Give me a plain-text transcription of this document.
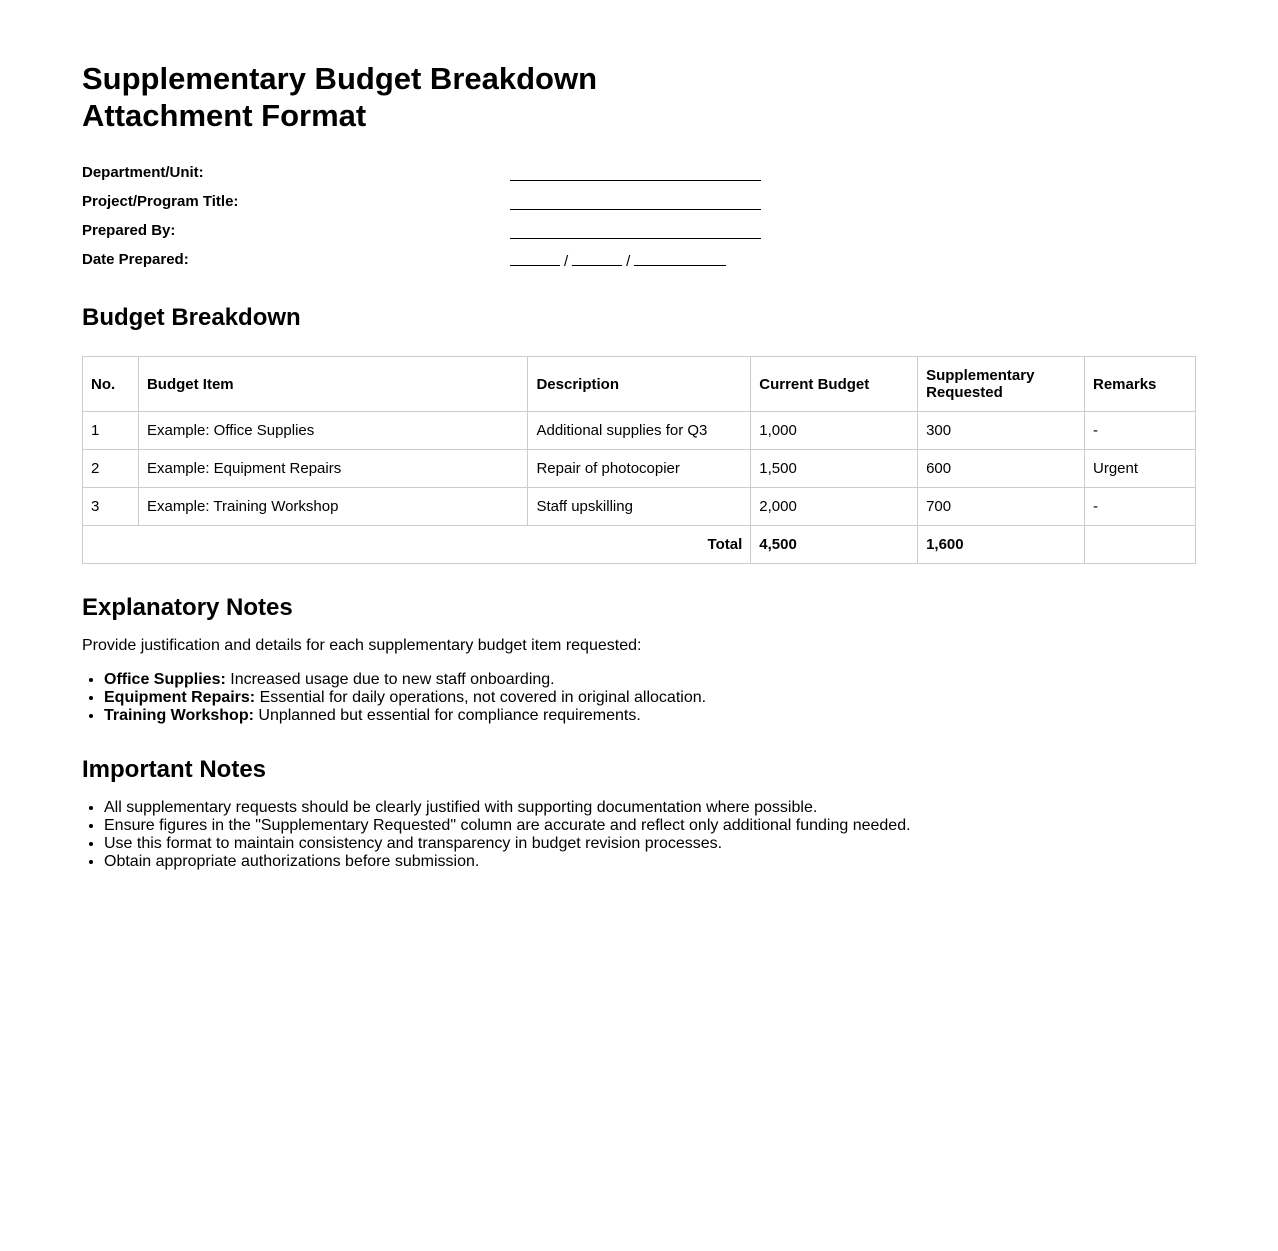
Supplementary Budget Breakdown Attachment Format
Department/Unit:
Project/Program Title:
Prepared By:
Date Prepared:	/	/
Budget Breakdown
No.	Budget Item	Description	Current Budget	Supplementary Requested	Remarks
1	Example: Office Supplies	Additional supplies for Q3	1,000	300	-
2	Example: Equipment Repairs	Repair of photocopier	1,500	600	Urgent
3	Example: Training Workshop	Staff upskilling	2,000	700	-
Total			4,500	1,600	
Explanatory Notes

Provide justification and details for each supplementary budget item requested:

• Office Supplies: Increased usage due to new staff onboarding.
• Equipment Repairs: Essential for daily operations, not covered in original allocation.
• Training Workshop: Unplanned but essential for compliance requirements.
Important Notes
• All supplementary requests should be clearly justified with supporting documentation where possible.
• Ensure figures in the "Supplementary Requested" column are accurate and reflect only additional funding needed.
• Use this format to maintain consistency and transparency in budget revision processes.
• Obtain appropriate authorizations before submission.
